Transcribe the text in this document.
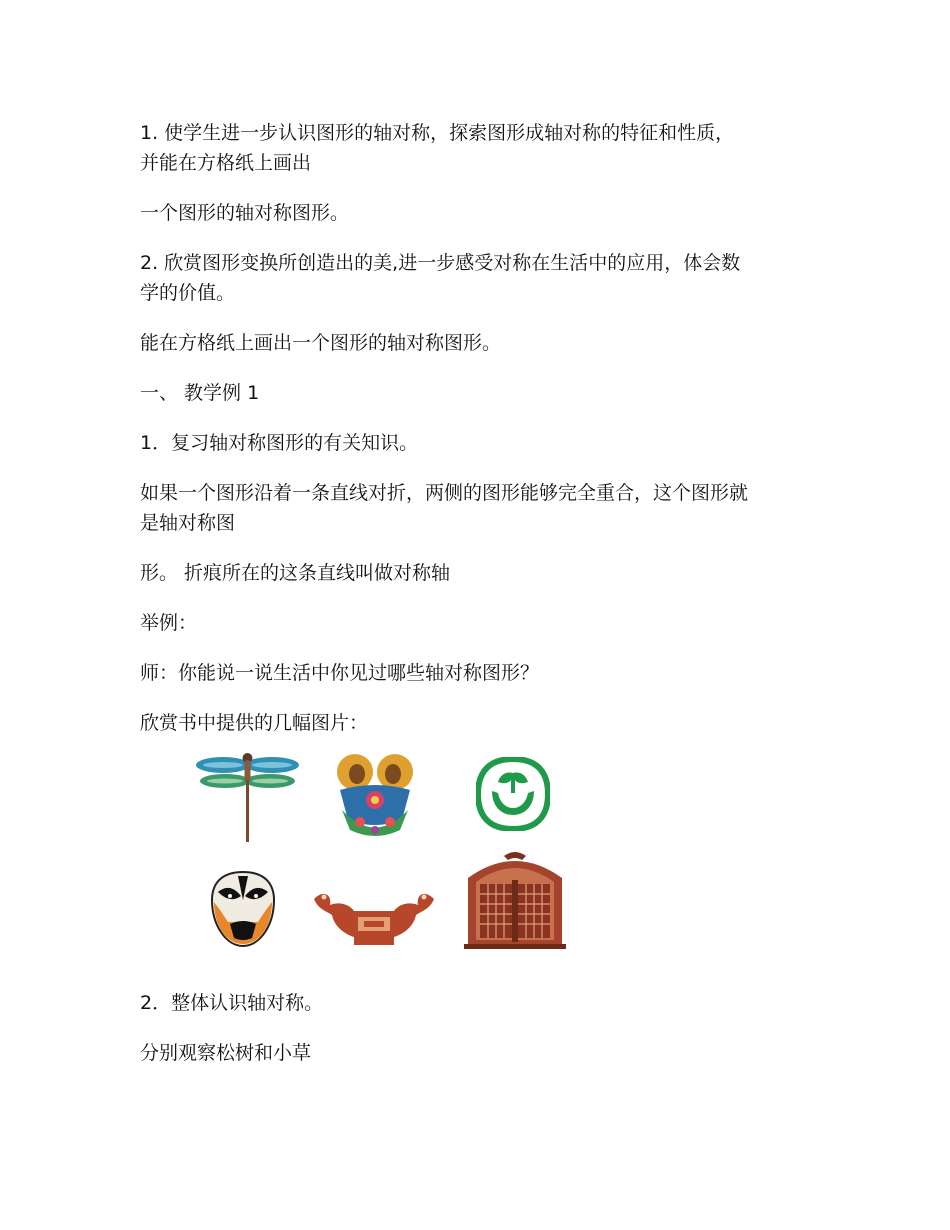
1. 使学生进一步认识图形的轴对称，探索图形成轴对称的特征和性质，

并能在方格纸上画出

一个图形的轴对称图形。

2. 欣赏图形变换所创造出的美,进一步感受对称在生活中的应用，体会数

学的价值。

能在方格纸上画出一个图形的轴对称图形。

一、 教学例 1

1．复习轴对称图形的有关知识。

如果一个图形沿着一条直线对折，两侧的图形能够完全重合，这个图形就

是轴对称图

形。 折痕所在的这条直线叫做对称轴

举例：

师：你能说一说生活中你见过哪些轴对称图形？

欣赏书中提供的几幅图片：

2．整体认识轴对称。

分别观察松树和小草
